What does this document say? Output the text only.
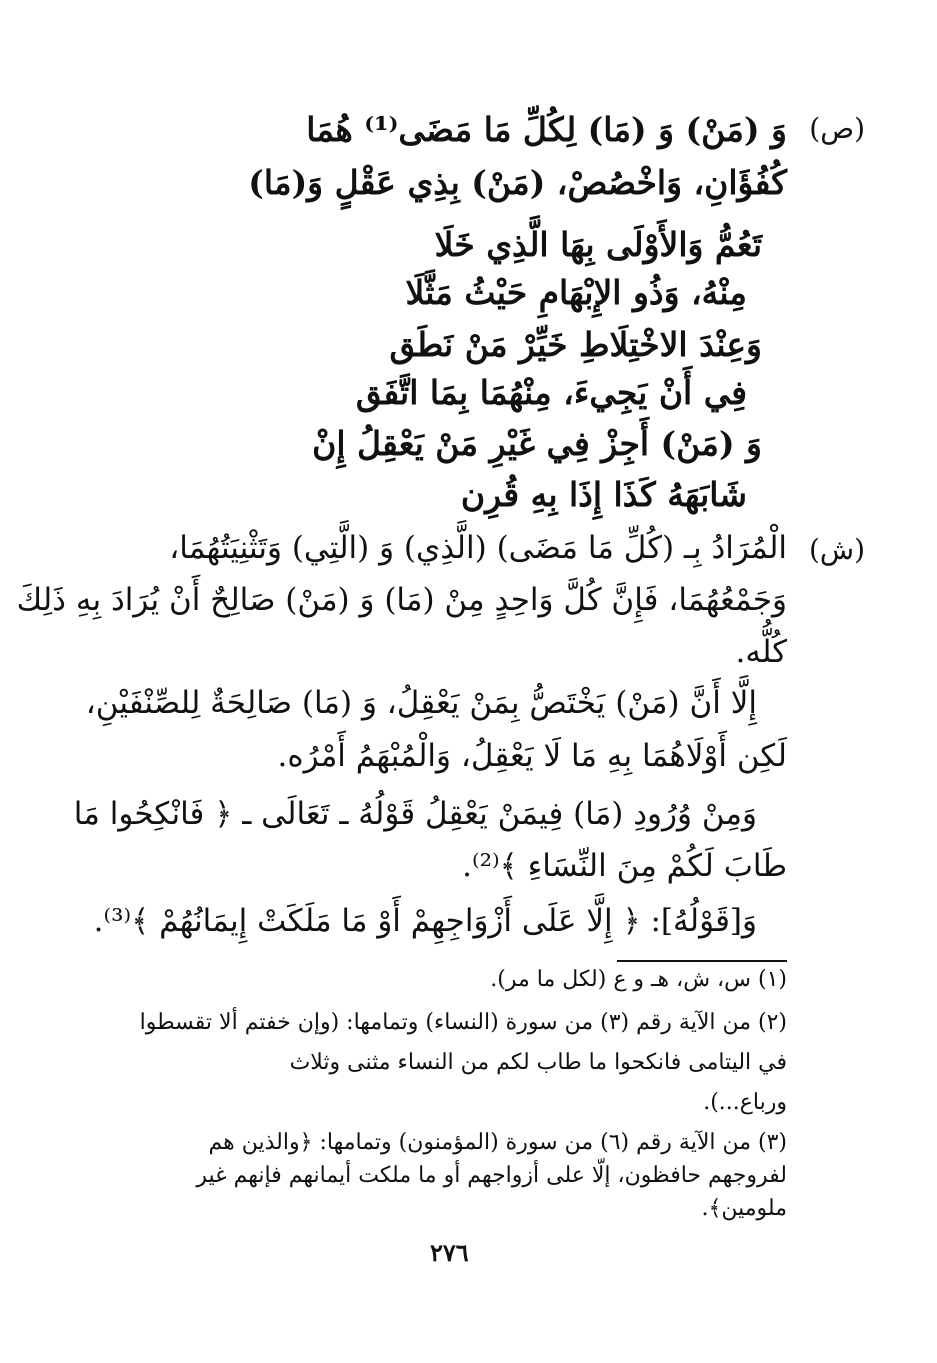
(ص)
وَ (مَنْ) وَ (مَا) لِكُلِّ مَا مَضَى⁽¹⁾ هُمَا
كُفُؤَانِ، وَاخْصُصْ، (مَنْ) بِذِي عَقْلٍ وَ(مَا)
تَعُمُّ وَالأَوْلَى بِهَا الَّذِي خَلَا
مِنْهُ، وَذُو الإِبْهَامِ حَيْثُ مَثَّلَا
وَعِنْدَ الاخْتِلَاطِ خَيِّرْ مَنْ نَطَق
فِي أَنْ يَجِيءَ، مِنْهُمَا بِمَا اتَّفَق
وَ (مَنْ) أَجِزْ فِي غَيْرِ مَنْ يَعْقِلُ إِنْ
شَابَهَهُ كَذَا إِذَا بِهِ قُرِن
(ش)
الْمُرَادُ بِـ (كُلِّ مَا مَضَى) (الَّذِي) وَ (الَّتِي) وَتَثْنِيَتُهُمَا،
وَجَمْعُهُمَا، فَإِنَّ كُلَّ وَاحِدٍ مِنْ (مَا) وَ (مَنْ) صَالِحٌ أَنْ يُرَادَ بِهِ ذَلِكَ
كُلُّه.
إِلَّا أَنَّ (مَنْ) يَخْتَصُّ بِمَنْ يَعْقِلُ، وَ (مَا) صَالِحَةٌ لِلصِّنْفَيْنِ،
لَكِن أَوْلَاهُمَا بِهِ مَا لَا يَعْقِلُ، وَالْمُبْهَمُ أَمْرُه.
وَمِنْ وُرُودِ (مَا) فِيمَنْ يَعْقِلُ قَوْلُهُ ـ تَعَالَى ـ ﴿ فَانْكِحُوا مَا
طَابَ لَكُمْ مِنَ النِّسَاءِ ﴾⁽²⁾.
وَ[قَوْلُهُ]: ﴿ إِلَّا عَلَى أَزْوَاجِهِمْ أَوْ مَا مَلَكَتْ إِيمَانُهُمْ ﴾⁽³⁾.
(١) س، ش، هـ و ع (لكل ما مر).
(٢) من الآية رقم (٣) من سورة (النساء) وتمامها: (وإن خفتم ألا تقسطوا
في اليتامى فانكحوا ما طاب لكم من النساء مثنى وثلاث
ورباع...).
(٣) من الآية رقم (٦) من سورة (المؤمنون) وتمامها: ﴿والذين هم
لفروجهم حافظون، إلّا على أزواجهم أو ما ملكت أيمانهم فإنهم غير
ملومين﴾.
٢٧٦
